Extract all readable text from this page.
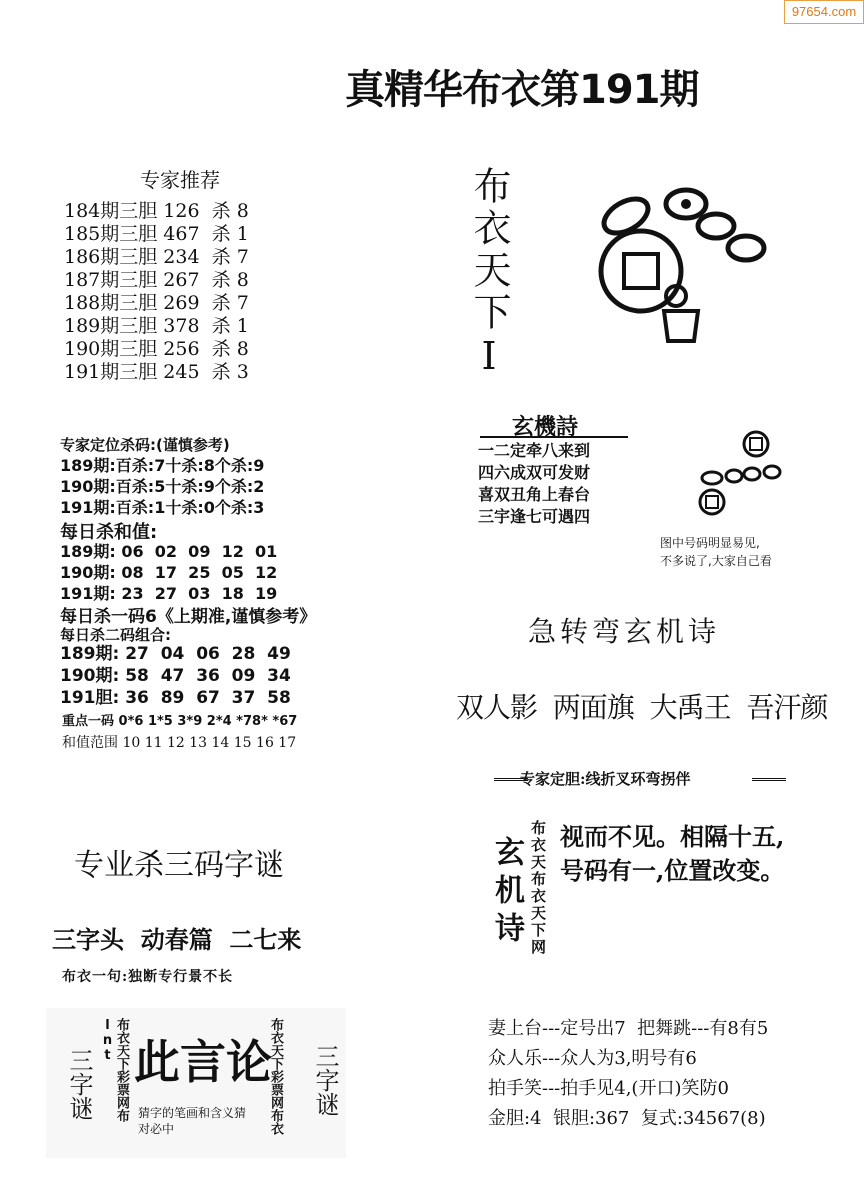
97654.com
真精华布衣第191期
专家推荐
184期三胆 126  杀 8
185期三胆 467  杀 1
186期三胆 234  杀 7
187期三胆 267  杀 8
188期三胆 269  杀 7
189期三胆 378  杀 1
190期三胆 256  杀 8
191期三胆 245  杀 3
专家定位杀码:(谨慎参考)
189期:百杀:7十杀:8个杀:9
190期:百杀:5十杀:9个杀:2
191期:百杀:1十杀:0个杀:3
每日杀和值:
189期: 06  02  09  12  01
190期: 08  17  25  05  12
191期: 23  27  03  18  19
每日杀一码6《上期准,谨慎参考》
每日杀二码组合:
189期: 27  04  06  28  49
190期: 58  47  36  09  34
191胆: 36  89  67  37  58
重点一码 0*6 1*5 3*9 2*4 *78* *67
和值范围 10 11 12 13 14 15 16 17
专业杀三码字谜
三字头  动春篇  二七来
布衣一句:独断专行景不长
三字谜	布衣天下彩票网布lnt 此言论
猜字的笔画和含义猜
对必中	布衣天下彩票网布衣 三字谜
布衣天下I
玄機詩
一二定牵八来到
四六成双可发财
喜双丑角上春台
三宇逢七可遇四
图中号码明显易见,
不多说了,大家自己看
急转弯玄机诗
双人影  两面旗  大禹王  吾汗颜
专家定胆:线折叉环弯拐伴
玄机诗 布衣天布衣天下网 视而不见。相隔十五,
号码有一,位置改变。
妻上台---定号出7  把舞跳---有8有5
众人乐---众人为3,明号有6
拍手笑---拍手见4,(开口)笑防0
金胆:4  银胆:367  复式:34567(8)
